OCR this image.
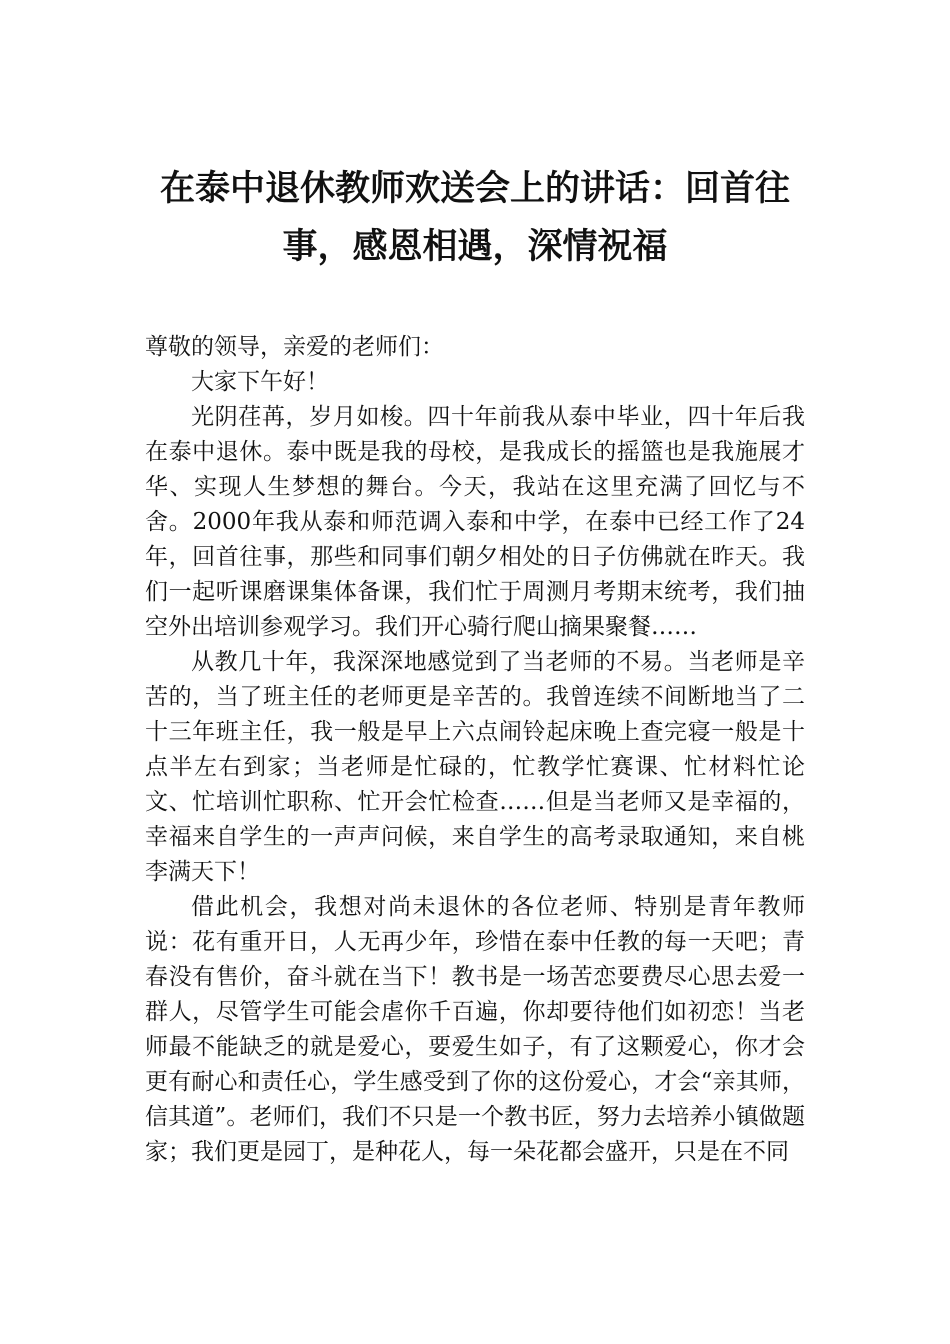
在泰中退休教师欢送会上的讲话：回首往事，感恩相遇，深情祝福

尊敬的领导，亲爱的老师们：

大家下午好！

光阴荏苒，岁月如梭。四十年前我从泰中毕业，四十年后我在泰中退休。泰中既是我的母校，是我成长的摇篮也是我施展才华、实现人生梦想的舞台。今天，我站在这里充满了回忆与不舍。2000年我从泰和师范调入泰和中学，在泰中已经工作了24年，回首往事，那些和同事们朝夕相处的日子仿佛就在昨天。我们一起听课磨课集体备课，我们忙于周测月考期末统考，我们抽空外出培训参观学习。我们开心骑行爬山摘果聚餐……

从教几十年，我深深地感觉到了当老师的不易。当老师是辛苦的，当了班主任的老师更是辛苦的。我曾连续不间断地当了二十三年班主任，我一般是早上六点闹铃起床晚上查完寝一般是十点半左右到家；当老师是忙碌的，忙教学忙赛课、忙材料忙论文、忙培训忙职称、忙开会忙检查……但是当老师又是幸福的，幸福来自学生的一声声问候，来自学生的高考录取通知，来自桃李满天下！

借此机会，我想对尚未退休的各位老师、特别是青年教师说：花有重开日，人无再少年，珍惜在泰中任教的每一天吧；青春没有售价，奋斗就在当下！教书是一场苦恋要费尽心思去爱一群人，尽管学生可能会虐你千百遍，你却要待他们如初恋！当老师最不能缺乏的就是爱心，要爱生如子，有了这颗爱心，你才会更有耐心和责任心，学生感受到了你的这份爱心，才会“亲其师，信其道”。老师们，我们不只是一个教书匠，努力去培养小镇做题家；我们更是园丁，是种花人，每一朵花都会盛开，只是在不同
